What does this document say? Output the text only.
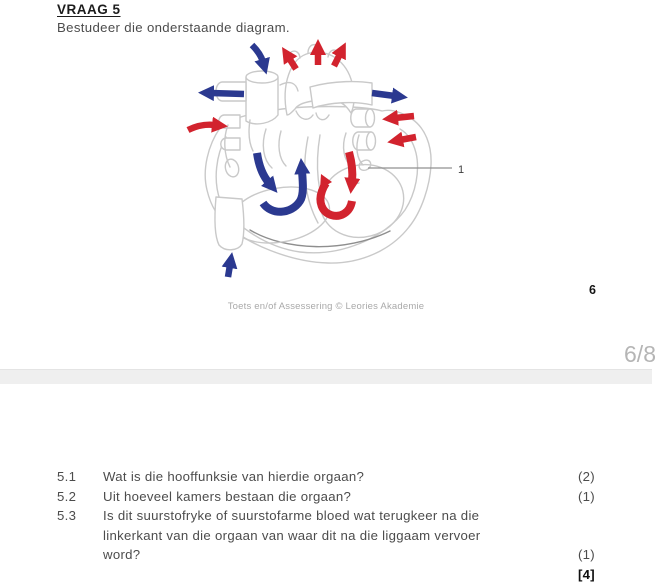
VRAAG 5

Bestudeer die onderstaande diagram.

1
Toets en/of Assessering © Leories Akademie
6
6/8
5.1	Wat is die hooffunksie van hierdie orgaan?	(2)
5.2	Uit hoeveel kamers bestaan die orgaan?	(1)
5.3	Is dit suurstofryke of suurstofarme bloed wat terugkeer na die
linkerkant van die orgaan van waar dit na die liggaam vervoer
word?	(1)
[4]
